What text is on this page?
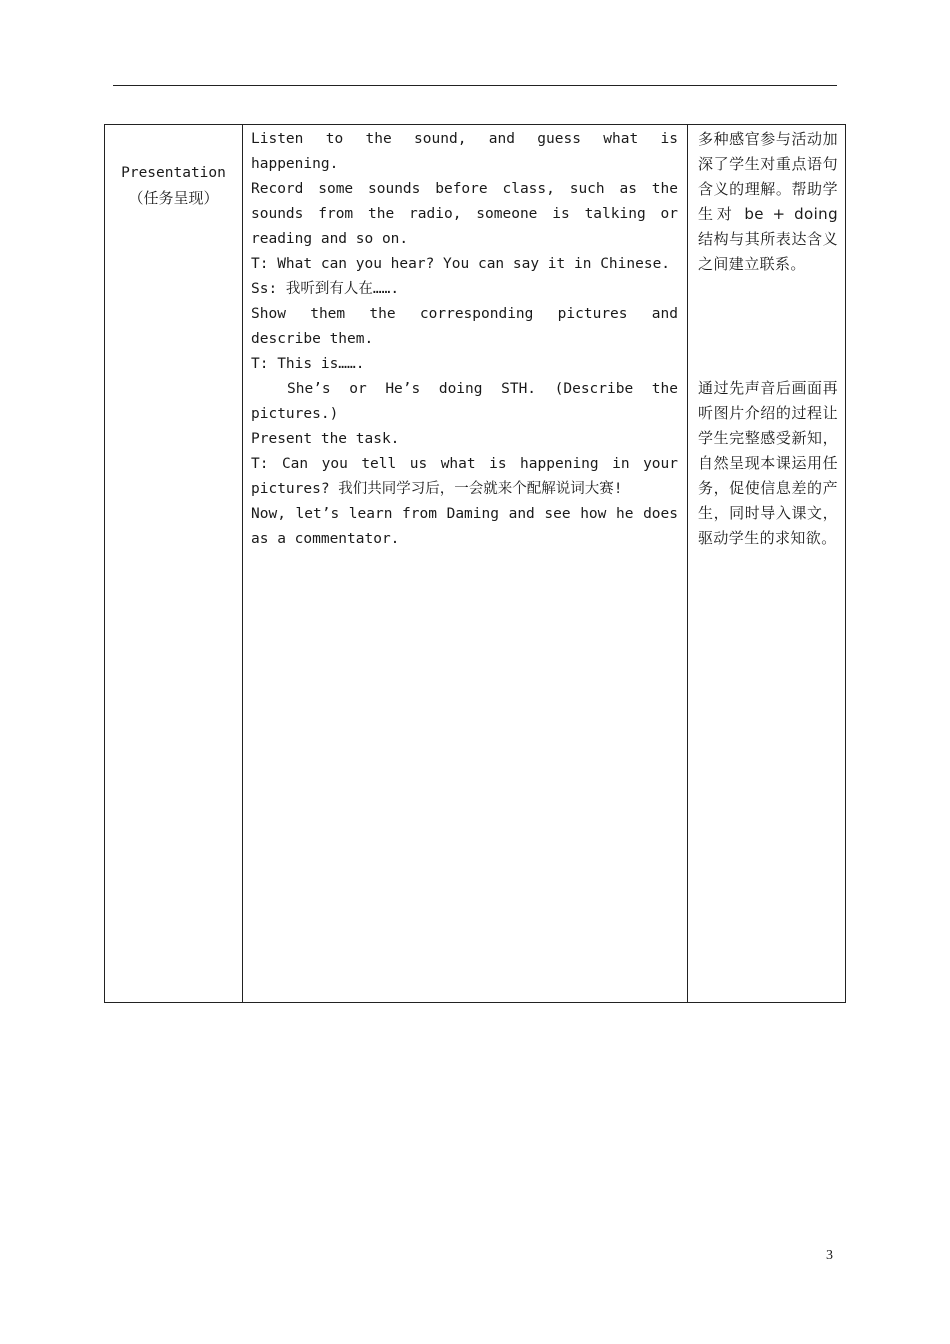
Presentation
（任务呈现）

Listen to the sound, and guess what is happening.

Record some sounds before class, such as the sounds from the radio, someone is talking or reading and so on.

T: What can you hear? You can say it in Chinese.

Ss: 我听到有人在…….

Show them the corresponding pictures and describe them.

T: This is…….

She’s or He’s doing STH. (Describe the pictures.)

Present the task.

T: Can you tell us what is happening in your pictures? 我们共同学习后，一会就来个配解说词大赛!

Now, let’s learn from Daming and see how he does as a commentator.

多种感官参与活动加深了学生对重点语句含义的理解。帮助学生对 be + doing 结构与其所表达含义之间建立联系。
通过先声音后画面再听图片介绍的过程让学生完整感受新知，自然呈现本课运用任务，促使信息差的产生，同时导入课文，驱动学生的求知欲。
3
